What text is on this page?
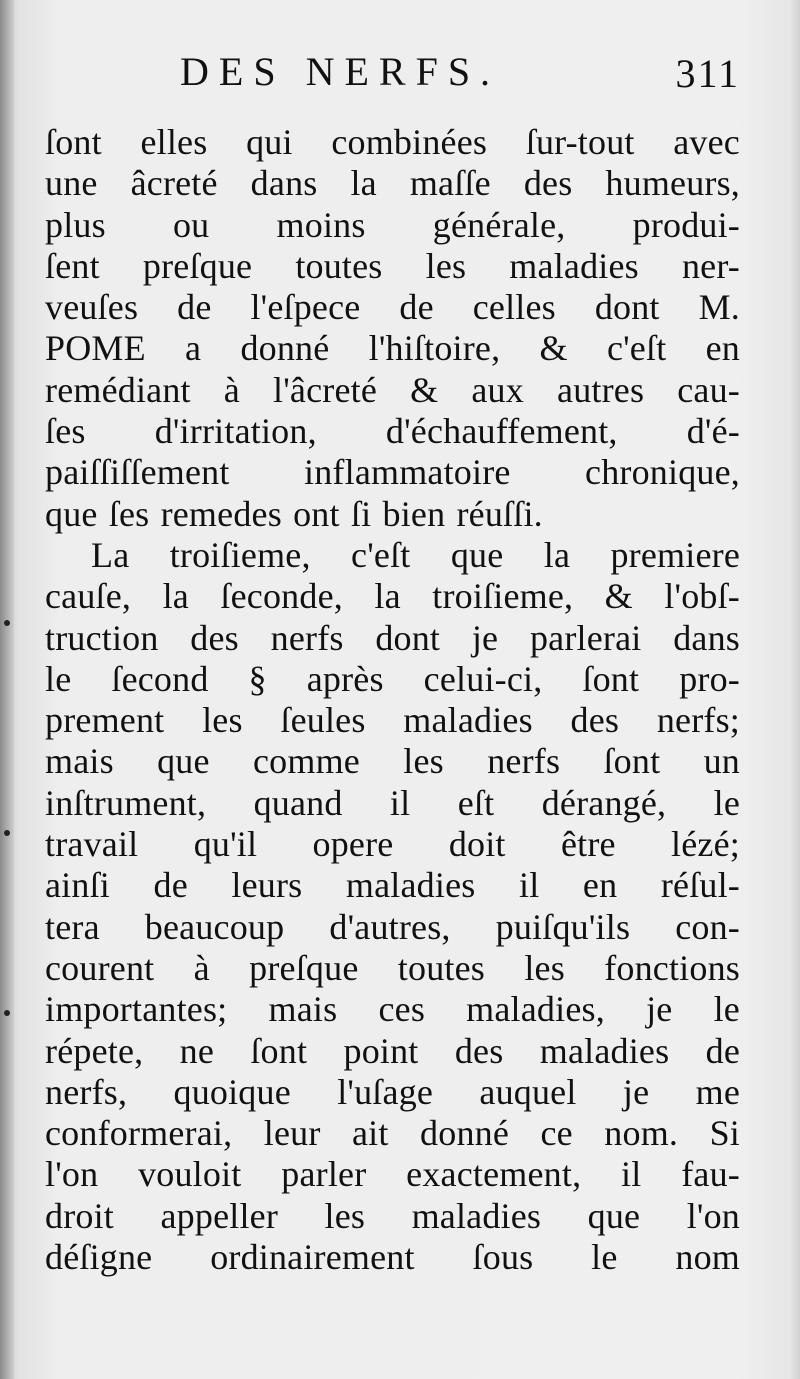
DES NERFS.	311
ſont elles qui combinées ſur-tout avec
une âcreté dans la maſſe des humeurs,
plus ou moins générale, produi-
ſent preſque toutes les maladies ner-
veuſes de l'eſpece de celles dont M.
POME a donné l'hiſtoire, & c'eſt en
remédiant à l'âcreté & aux autres cau-
ſes d'irritation, d'échauffement, d'é-
paiſſiſſement inflammatoire chronique,
que ſes remedes ont ſi bien réuſſi.
La troiſieme, c'eſt que la premiere
cauſe, la ſeconde, la troiſieme, & l'obſ-
truction des nerfs dont je parlerai dans
le ſecond § après celui-ci, ſont pro-
prement les ſeules maladies des nerfs;
mais que comme les nerfs ſont un
inſtrument, quand il eſt dérangé, le
travail qu'il opere doit être lézé;
ainſi de leurs maladies il en réſul-
tera beaucoup d'autres, puiſqu'ils con-
courent à preſque toutes les fonctions
importantes; mais ces maladies, je le
répete, ne ſont point des maladies de
nerfs, quoique l'uſage auquel je me
conformerai, leur ait donné ce nom. Si
l'on vouloit parler exactement, il fau-
droit appeller les maladies que l'on
déſigne ordinairement ſous le nom
